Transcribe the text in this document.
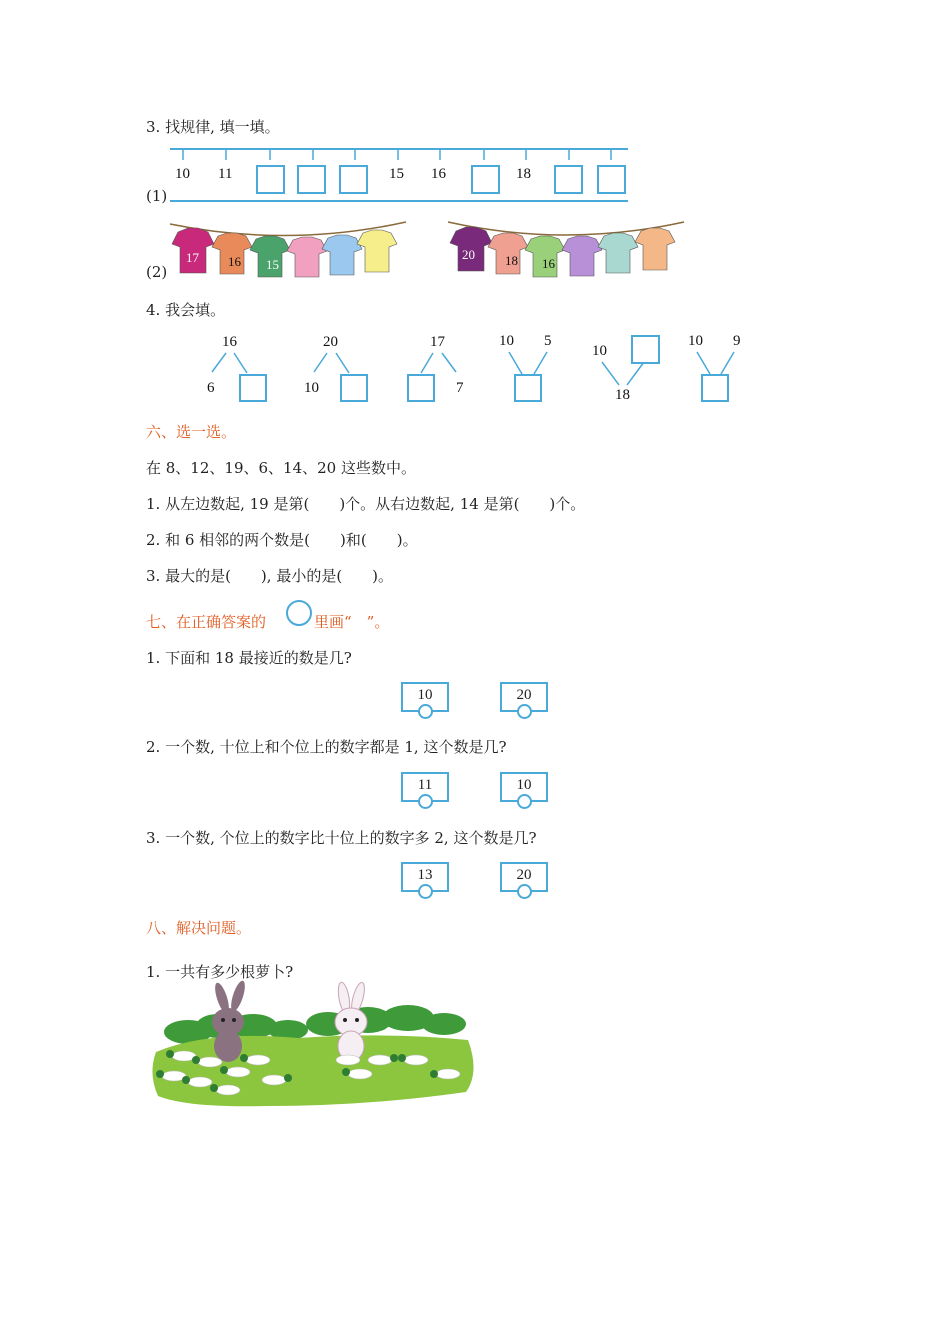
3. 找规律, 填一填。
10 11	15 16	18
(1)
17 16 15
20 18 16
(2)
4. 我会填。
16
6
20
10
17
7
10 5
10
18
10 9
六、选一选。
在 8、12、19、6、14、20 这些数中。
1. 从左边数起, 19 是第(　　)个。从右边数起, 14 是第(　　)个。
2. 和 6 相邻的两个数是(　　)和(　　)。
3. 最大的是(　　), 最小的是(　　)。
七、在正确答案的	里画“　”。
1. 下面和 18 最接近的数是几?
10	20
2. 一个数, 十位上和个位上的数字都是 1, 这个数是几?
11	10
3. 一个数, 个位上的数字比十位上的数字多 2, 这个数是几?
13	20
八、解决问题。
1. 一共有多少根萝卜?
